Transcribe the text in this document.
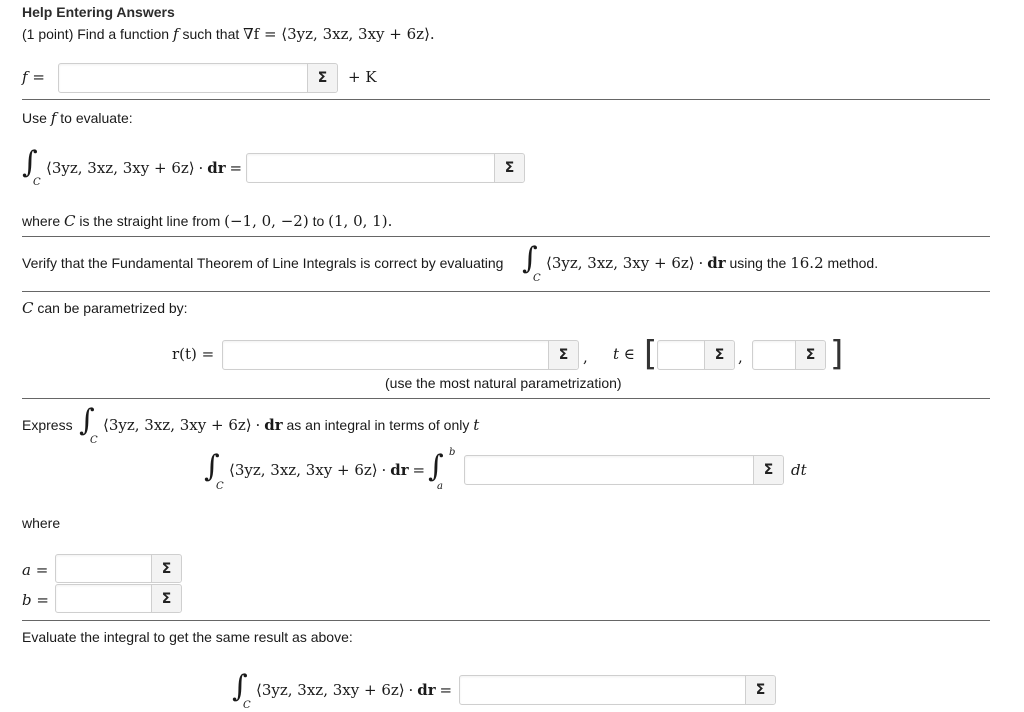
Help Entering Answers
(1 point) Find a function f such that ∇f = ⟨3yz, 3xz, 3xy + 6z⟩.
f =	Σ	+ K
Use f to evaluate:
∫
C
⟨3yz, 3xz, 3xy + 6z⟩ · dr =	Σ
where C is the straight line from (−1, 0, −2) to (1, 0, 1).
Verify that the Fundamental Theorem of Line Integrals is correct by evaluating ∫
C
⟨3yz, 3xz, 3xy + 6z⟩ · dr using the 16.2 method.
C can be parametrized by:
r(t) =	Σ , t ∈ [	Σ ,	Σ ]
(use the most natural parametrization)
Express ∫
C
⟨3yz, 3xz, 3xy + 6z⟩ · dr as an integral in terms of only t
∫
C
⟨3yz, 3xz, 3xy + 6z⟩ · dr = ∫ b
a
Σ	dt
where
a =	Σ
b =	Σ
Evaluate the integral to get the same result as above:
∫
C
⟨3yz, 3xz, 3xy + 6z⟩ · dr =	Σ
